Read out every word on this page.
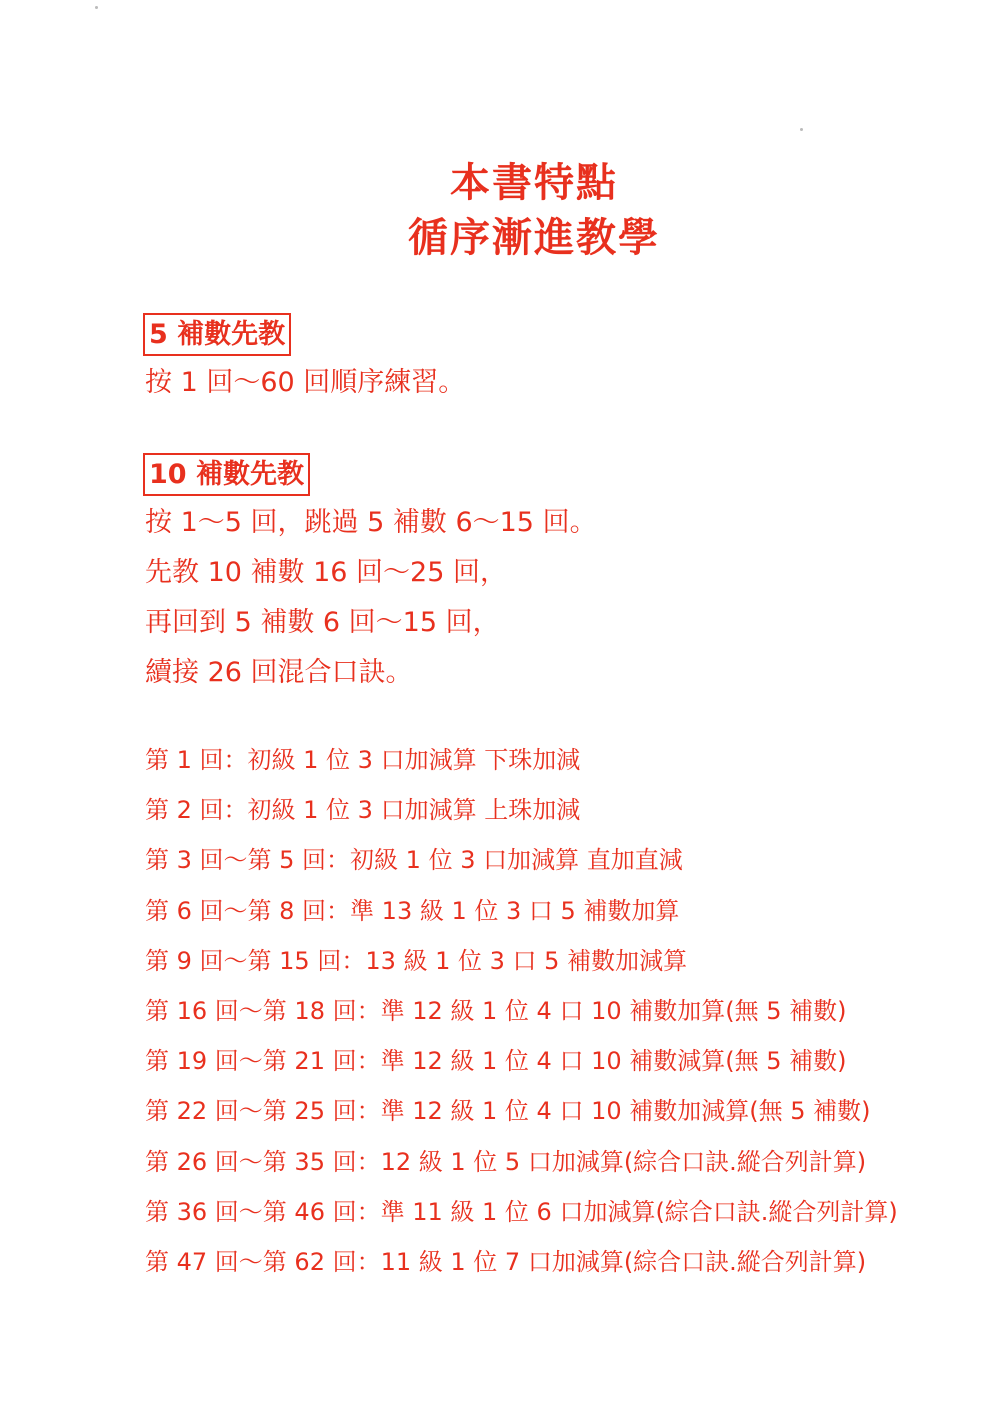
本書特點
循序漸進教學
5 補數先教

按 1 回～60 回順序練習。

10 補數先教

按 1～5 回，跳過 5 補數 6～15 回。

先教 10 補數 16 回～25 回，

再回到 5 補數 6 回～15 回，

續接 26 回混合口訣。

第 1 回：初級 1 位 3 口加減算 下珠加減
第 2 回：初級 1 位 3 口加減算 上珠加減
第 3 回～第 5 回：初級 1 位 3 口加減算 直加直減
第 6 回～第 8 回：準 13 級 1 位 3 口 5 補數加算
第 9 回～第 15 回：13 級 1 位 3 口 5 補數加減算
第 16 回～第 18 回：準 12 級 1 位 4 口 10 補數加算(無 5 補數)
第 19 回～第 21 回：準 12 級 1 位 4 口 10 補數減算(無 5 補數)
第 22 回～第 25 回：準 12 級 1 位 4 口 10 補數加減算(無 5 補數)
第 26 回～第 35 回：12 級 1 位 5 口加減算(綜合口訣.縱合列計算)
第 36 回～第 46 回：準 11 級 1 位 6 口加減算(綜合口訣.縱合列計算)
第 47 回～第 62 回：11 級 1 位 7 口加減算(綜合口訣.縱合列計算)
